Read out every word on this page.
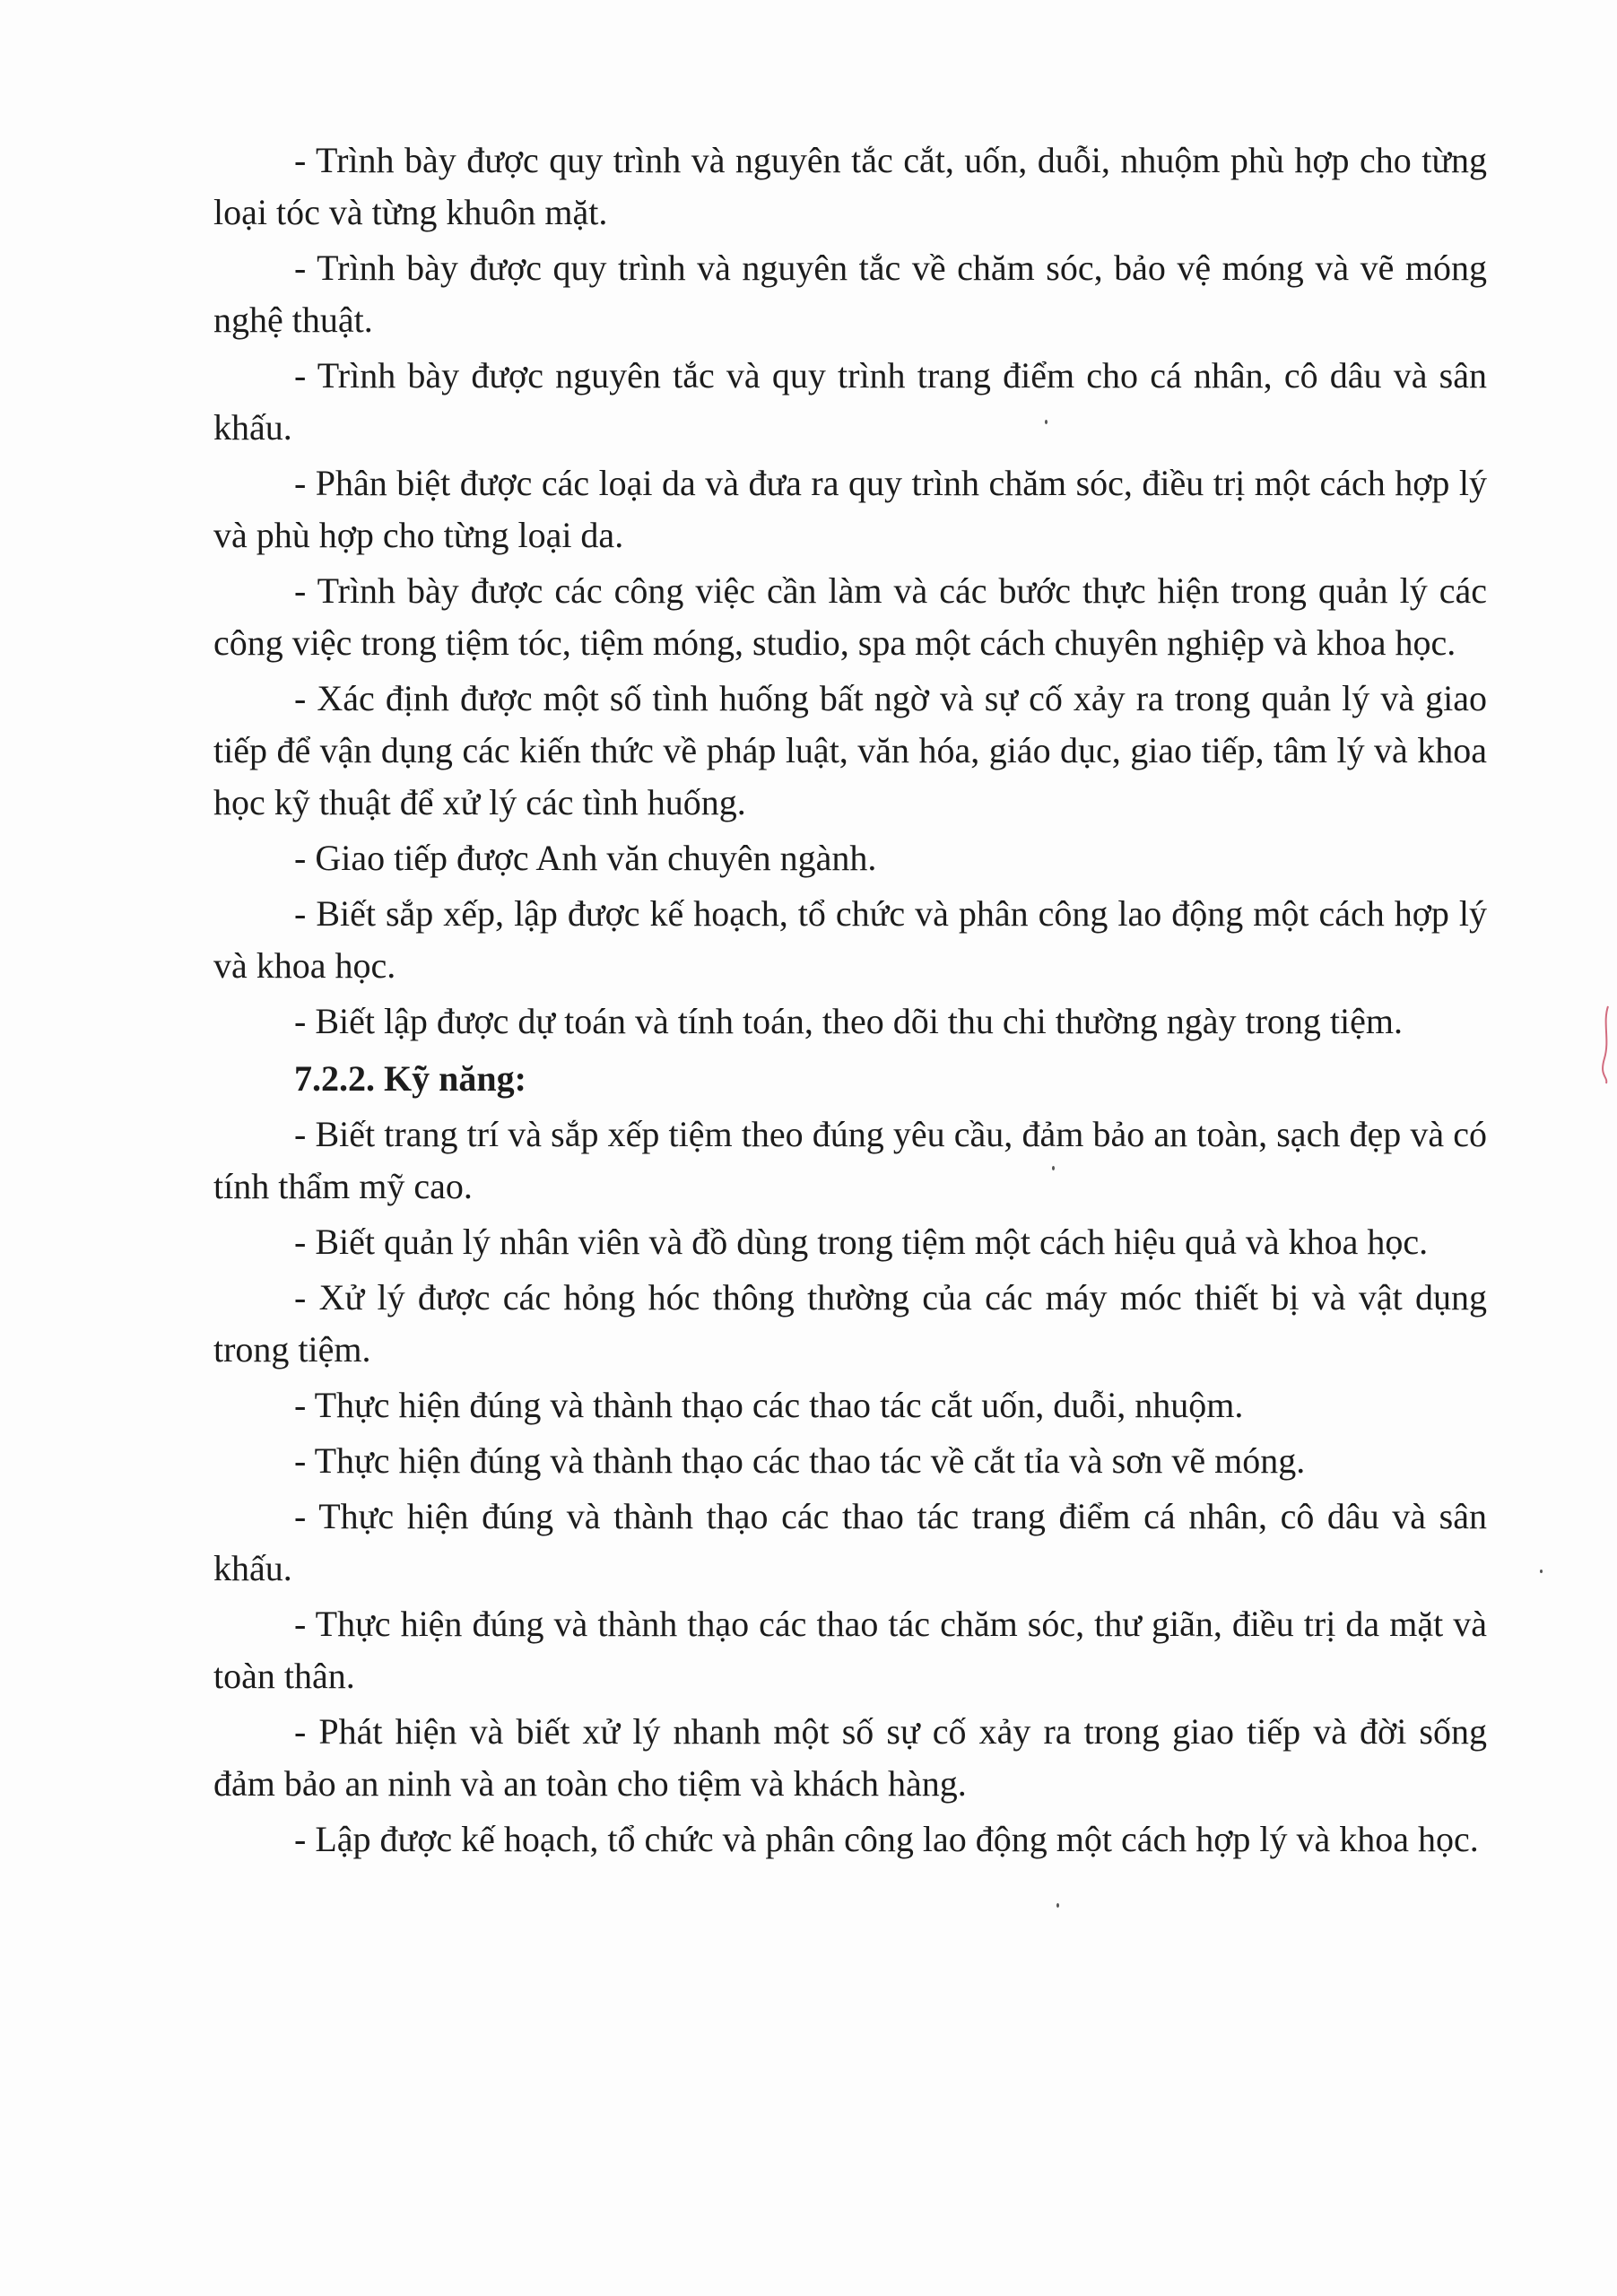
- Trình bày được quy trình và nguyên tắc cắt, uốn, duỗi, nhuộm phù hợp cho từng loại tóc và từng khuôn mặt.

- Trình bày được quy trình và nguyên tắc về chăm sóc, bảo vệ móng và vẽ móng nghệ thuật.

- Trình bày được nguyên tắc và quy trình trang điểm cho cá nhân, cô dâu và sân khấu.

- Phân biệt được các loại da và đưa ra quy trình chăm sóc, điều trị một cách hợp lý và phù hợp cho từng loại da.

- Trình bày được các công việc cần làm và các bước thực hiện trong quản lý các công việc trong tiệm tóc, tiệm móng, studio, spa một cách chuyên nghiệp và khoa học.

- Xác định được một số tình huống bất ngờ và sự cố xảy ra trong quản lý và giao tiếp để vận dụng các kiến thức về pháp luật, văn hóa, giáo dục, giao tiếp, tâm lý và khoa học kỹ thuật để xử lý các tình huống.

- Giao tiếp được Anh văn chuyên ngành.

- Biết sắp xếp, lập được kế hoạch, tổ chức và phân công lao động một cách hợp lý và khoa học.

- Biết lập được dự toán và tính toán, theo dõi thu chi thường ngày trong tiệm.

7.2.2. Kỹ năng:

- Biết trang trí và sắp xếp tiệm theo đúng yêu cầu, đảm bảo an toàn, sạch đẹp và có tính thẩm mỹ cao.

- Biết quản lý nhân viên và đồ dùng trong tiệm một cách hiệu quả và khoa học.

- Xử lý được các hỏng hóc thông thường của các máy móc thiết bị và vật dụng trong tiệm.

- Thực hiện đúng và thành thạo các thao tác cắt uốn, duỗi, nhuộm.

- Thực hiện đúng và thành thạo các thao tác về cắt tỉa và sơn vẽ móng.

- Thực hiện đúng và thành thạo các thao tác trang điểm cá nhân, cô dâu và sân khấu.

- Thực hiện đúng và thành thạo các thao tác chăm sóc, thư giãn, điều trị da mặt và toàn thân.

- Phát hiện và biết xử lý nhanh một số sự cố xảy ra trong giao tiếp và đời sống đảm bảo an ninh và an toàn cho tiệm và khách hàng.

- Lập được kế hoạch, tổ chức và phân công lao động một cách hợp lý và khoa học.
